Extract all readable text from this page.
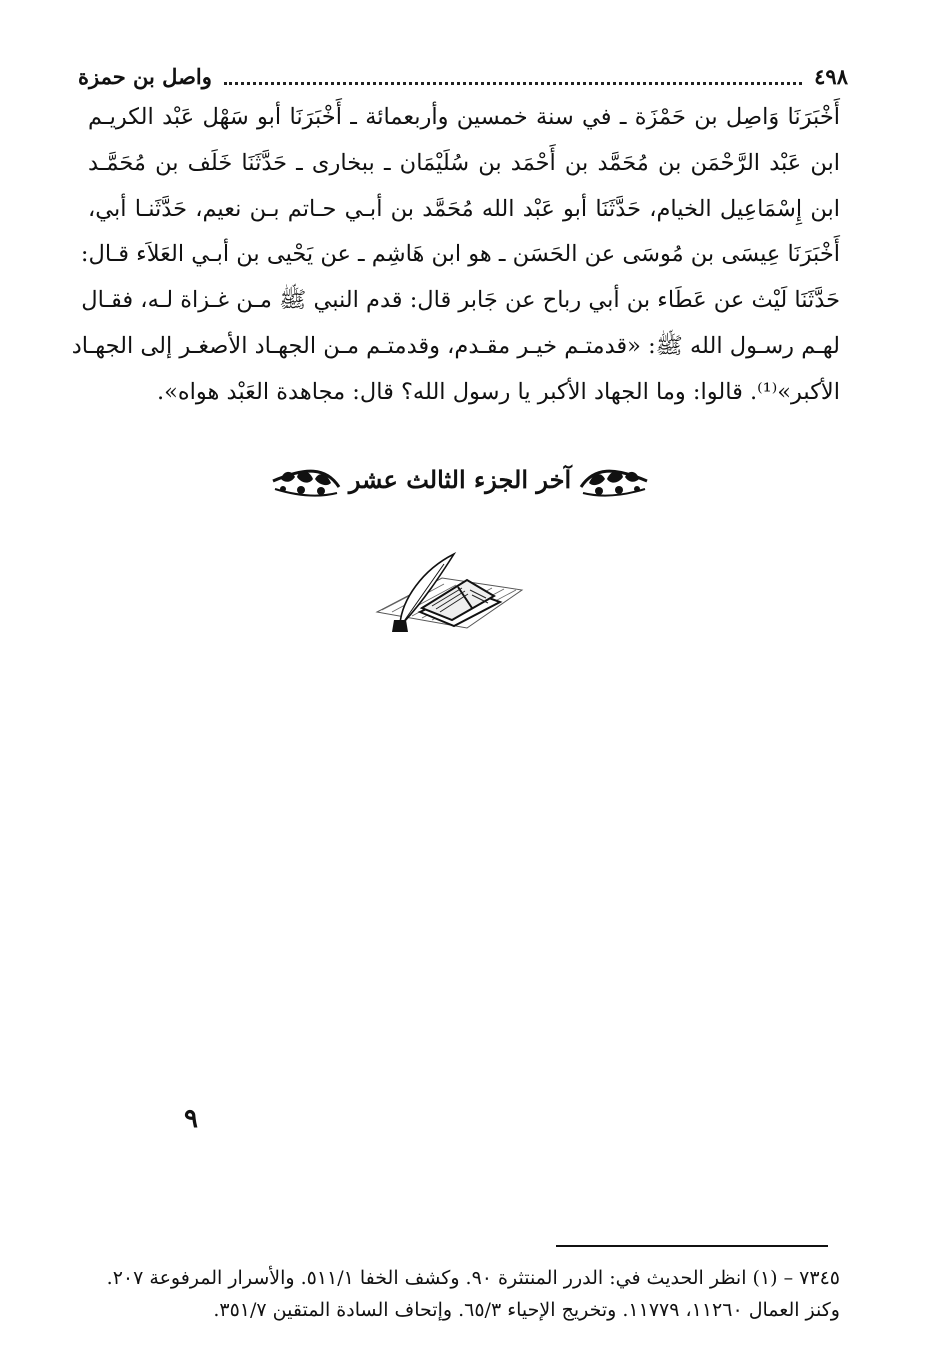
٤٩٨
واصل بن حمزة
أَخْبَرَنَا وَاصِل بن حَمْزَة ـ في سنة خمسين وأربعمائة ـ أَخْبَرَنَا أبو سَهْل عَبْد الكريـم
ابن عَبْد الرَّحْمَن بن مُحَمَّد بن أَحْمَد بن سُلَيْمَان ـ ببخارى ـ حَدَّثَنَا خَلَف بن مُحَمَّـد
ابن إِسْمَاعِيل الخيام، حَدَّثَنَا أبو عَبْد الله مُحَمَّد بن أبـي حـاتم بـن نعيم، حَدَّثَنـا أبي،
أَخْبَرَنَا عِيسَى بن مُوسَى عن الحَسَن ـ هو ابن هَاشِم ـ عن يَحْيى بن أبـي العَلاَء قـال:
حَدَّثَنَا لَيْث عن عَطَاء بن أبي رباح عن جَابر قال: قدم النبي ﷺ مـن غـزاة لـه، فقـال
لهـم رسـول الله ﷺ: «قدمتـم خيـر مقـدم، وقدمتـم مـن الجهـاد الأصغـر إلى الجهـاد
الأكبر»⁽¹⁾. قالوا: وما الجهاد الأكبر يا رسول الله؟ قال: مجاهدة العَبْد هواه».
آخر الجزء الثالث عشر
٩
٧٣٤٥ – (١) انظر الحديث في: الدرر المنتثرة ٩٠. وكشف الخفا ٥١١/١. والأسرار المرفوعة ٢٠٧.
وكنز العمال ١١٢٦٠، ١١٧٧٩. وتخريج الإحياء ٦٥/٣. وإتحاف السادة المتقين ٣٥١/٧.
